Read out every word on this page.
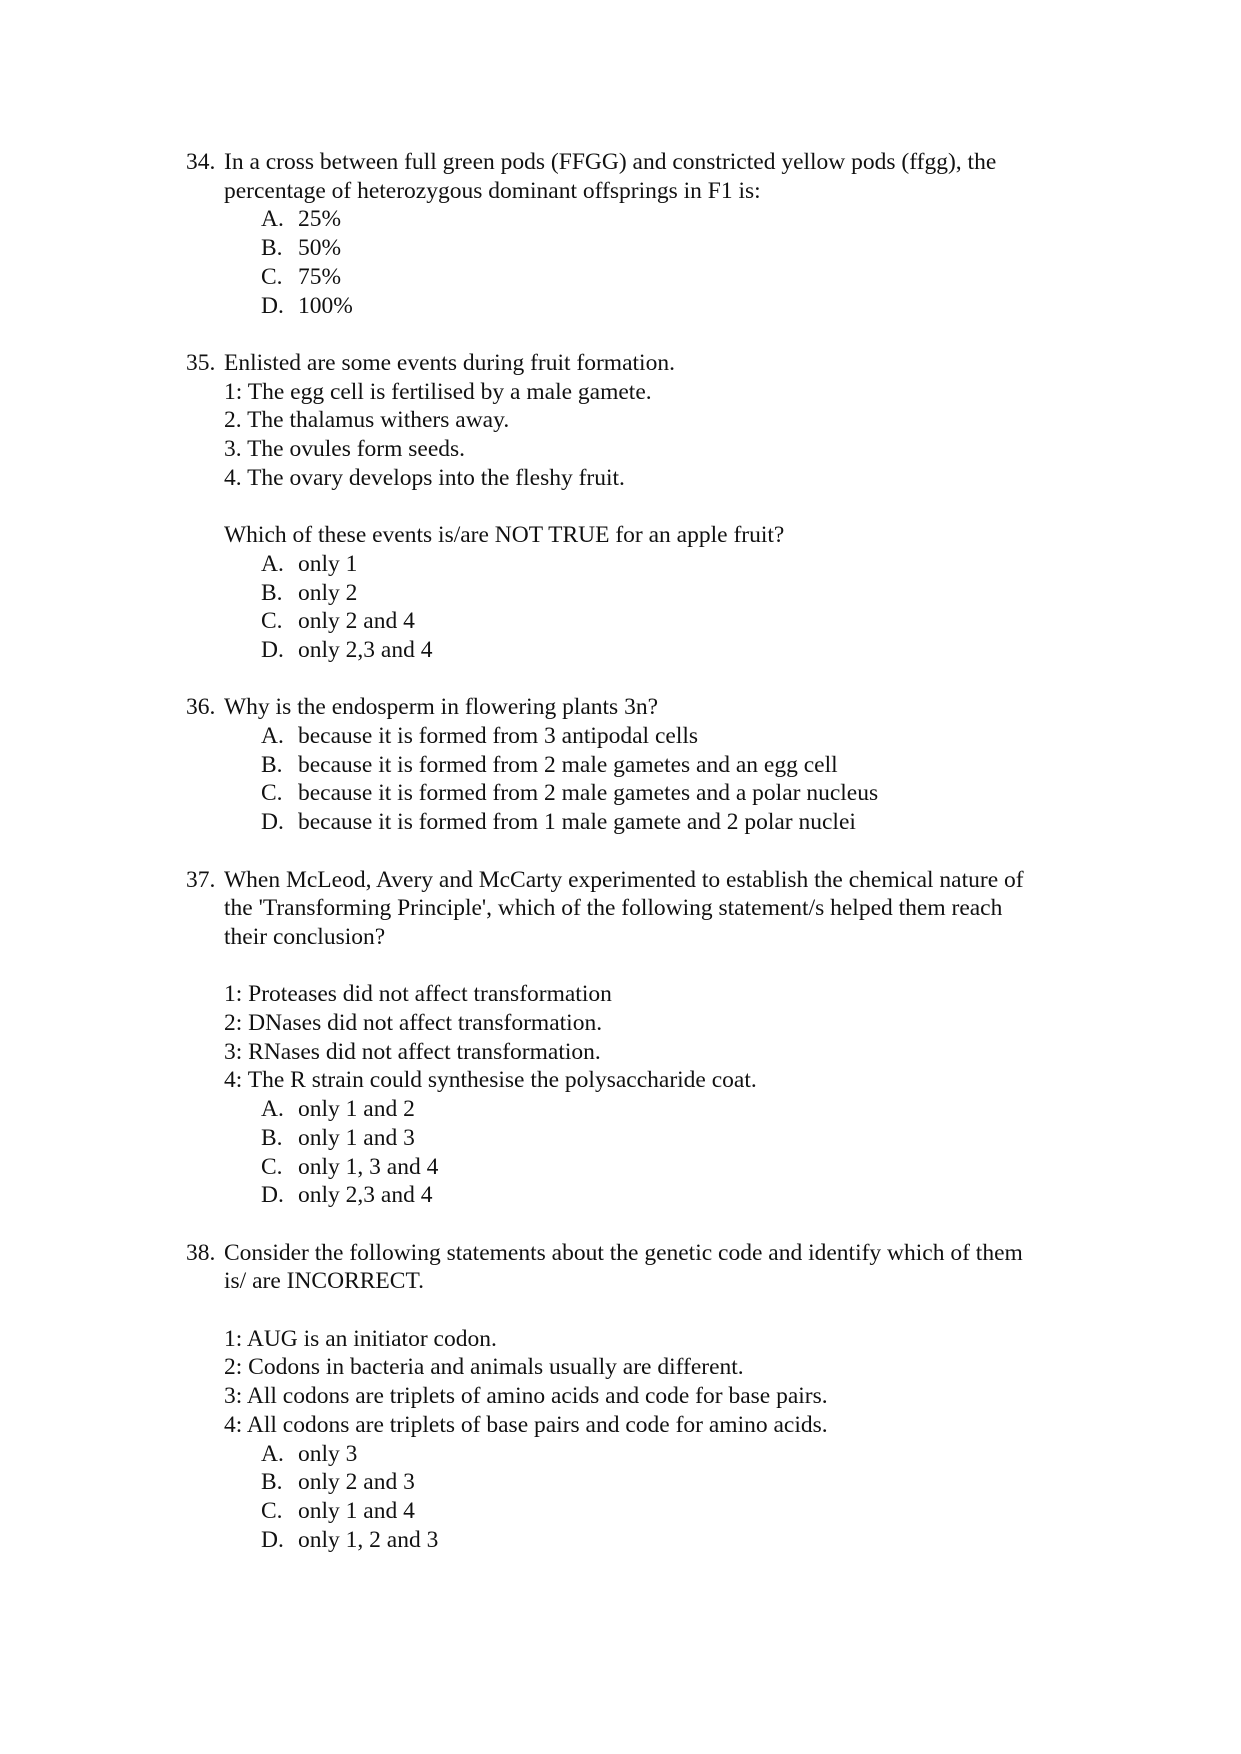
34. In a cross between full green pods (FFGG) and constricted yellow pods (ffgg), the
percentage of heterozygous dominant offsprings in F1 is:
A. 25%
B. 50%
C. 75%
D. 100%
35. Enlisted are some events during fruit formation.
1: The egg cell is fertilised by a male gamete.
2. The thalamus withers away.
3. The ovules form seeds.
4. The ovary develops into the fleshy fruit.
Which of these events is/are NOT TRUE for an apple fruit?
A. only 1
B. only 2
C. only 2 and 4
D. only 2,3 and 4
36. Why is the endosperm in flowering plants 3n?
A. because it is formed from 3 antipodal cells
B. because it is formed from 2 male gametes and an egg cell
C. because it is formed from 2 male gametes and a polar nucleus
D. because it is formed from 1 male gamete and 2 polar nuclei
37. When McLeod, Avery and McCarty experimented to establish the chemical nature of
the 'Transforming Principle', which of the following statement/s helped them reach
their conclusion?
1: Proteases did not affect transformation
2: DNases did not affect transformation.
3: RNases did not affect transformation.
4: The R strain could synthesise the polysaccharide coat.
A. only 1 and 2
B. only 1 and 3
C. only 1, 3 and 4
D. only 2,3 and 4
38. Consider the following statements about the genetic code and identify which of them
is/ are INCORRECT.
1: AUG is an initiator codon.
2: Codons in bacteria and animals usually are different.
3: All codons are triplets of amino acids and code for base pairs.
4: All codons are triplets of base pairs and code for amino acids.
A. only 3
B. only 2 and 3
C. only 1 and 4
D. only 1, 2 and 3
